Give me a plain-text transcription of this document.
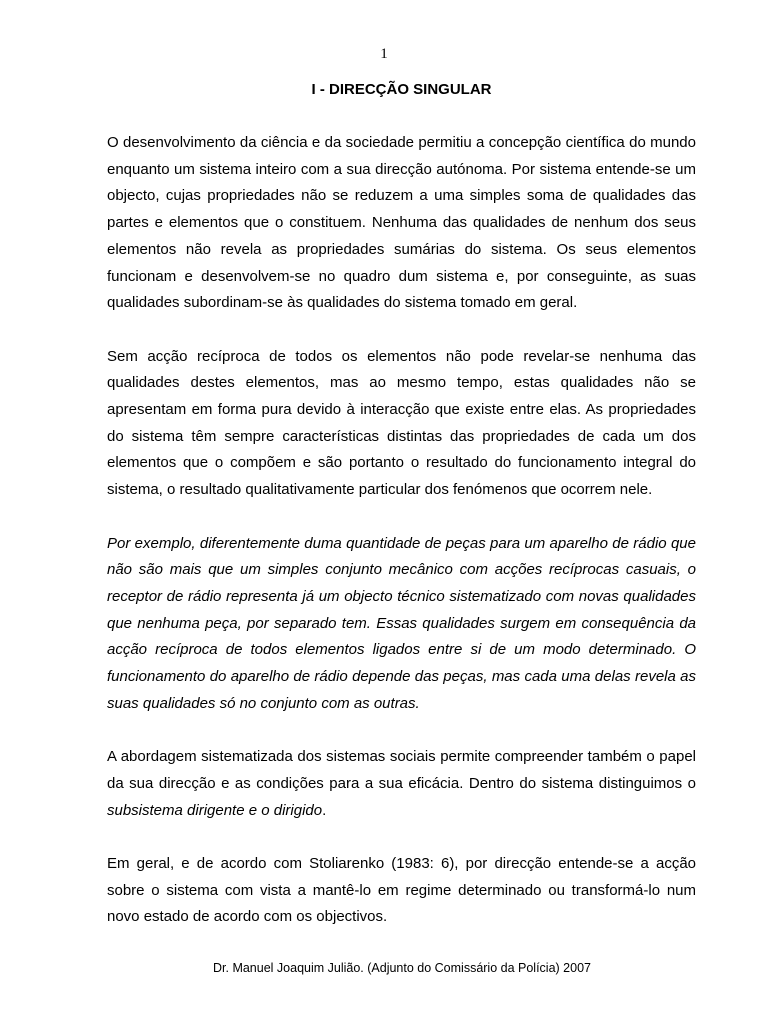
1
I - DIRECÇÃO SINGULAR

O desenvolvimento da ciência e da sociedade permitiu a concepção científica do mundo enquanto um sistema inteiro com a sua direcção autónoma. Por sistema entende-se um objecto, cujas propriedades não se reduzem a uma simples soma de qualidades das partes e elementos que o constituem. Nenhuma das qualidades de nenhum dos seus elementos não revela as propriedades sumárias do sistema. Os seus elementos funcionam e desenvolvem-se no quadro dum sistema e, por conseguinte, as suas qualidades subordinam-se às qualidades do sistema tomado em geral.

Sem acção recíproca de todos os elementos não pode revelar-se nenhuma das qualidades destes elementos, mas ao mesmo tempo, estas qualidades não se apresentam em forma pura devido à interacção que existe entre elas. As propriedades do sistema têm sempre características distintas das propriedades de cada um dos elementos que o compõem e são portanto o resultado do funcionamento integral do sistema, o resultado qualitativamente particular dos fenómenos que ocorrem nele.

Por exemplo, diferentemente duma quantidade de peças para um aparelho de rádio que não são mais que um simples conjunto mecânico com acções recíprocas casuais, o receptor de rádio representa já um objecto técnico sistematizado com novas qualidades que nenhuma peça, por separado tem. Essas qualidades surgem em consequência da acção recíproca de todos elementos ligados entre si de um modo determinado. O funcionamento do aparelho de rádio depende das peças, mas cada uma delas revela as suas qualidades só no conjunto com as outras.

A abordagem sistematizada dos sistemas sociais permite compreender também o papel da sua direcção e as condições para a sua eficácia. Dentro do sistema distinguimos o subsistema dirigente e o dirigido.

Em geral, e de acordo com Stoliarenko (1983: 6), por direcção entende-se a acção sobre o sistema com vista a mantê-lo em regime determinado ou transformá-lo num novo estado de acordo com os objectivos.

Dr. Manuel Joaquim Julião. (Adjunto do Comissário da Polícia) 2007
